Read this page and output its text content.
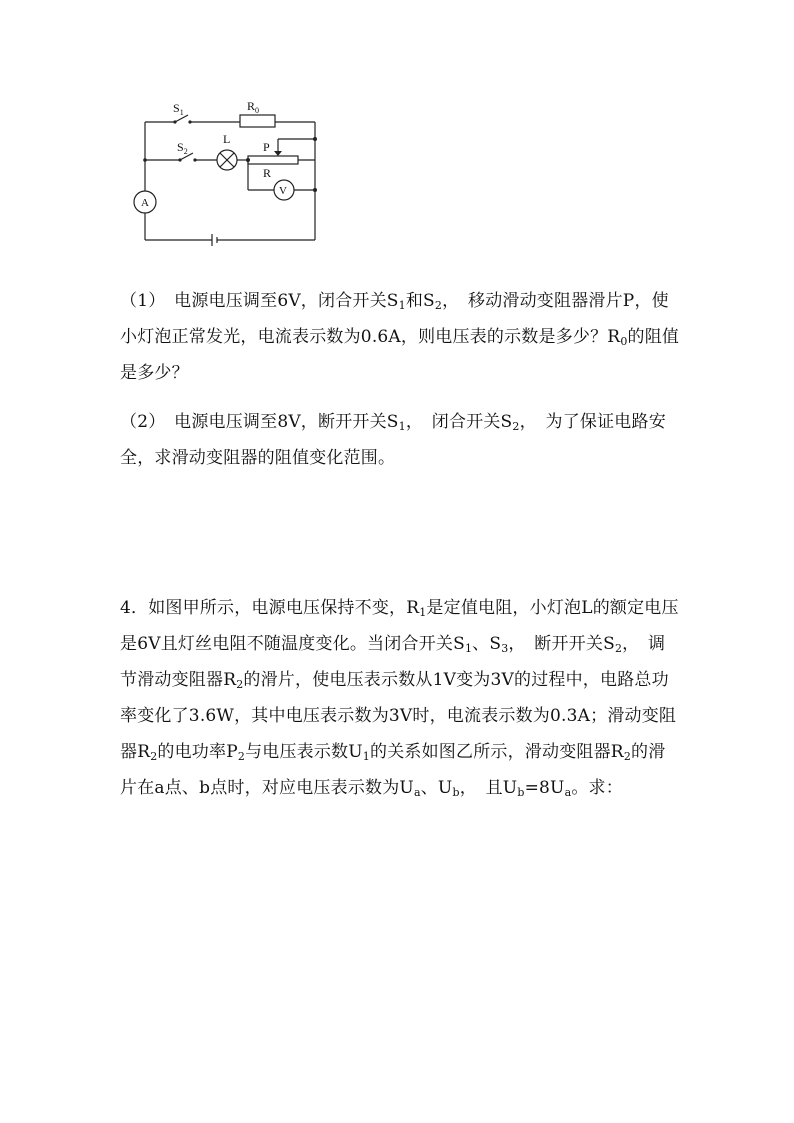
$S_1$	$R_0$
$S_2$
L
P
R
V
A

（1）　电源电压调至6V，闭合开关$S_1$和$S_2$，　移动滑动变阻器滑片P，使小灯泡正常发光，电流表示数为0.6A，则电压表的示数是多少？$R_0$的阻值是多少？

（2）　电源电压调至8V，断开开关$S_1$，　闭合开关$S_2$，　为了保证电路安全，求滑动变阻器的阻值变化范围。

4．如图甲所示，电源电压保持不变，$R_1$是定值电阻，小灯泡L的额定电压是6V且灯丝电阻不随温度变化。当闭合开关$S_1$、$S_3$，　断开开关$S_2$，　调节滑动变阻器$R_2$的滑片，使电压表示数从1V变为3V的过程中，电路总功率变化了3.6W，其中电压表示数为3V时，电流表示数为0.3A；滑动变阻器$R_2$的电功率$P_2$与电压表示数$U_1$的关系如图乙所示，滑动变阻器$R_2$的滑片在a点、b点时，对应电压表示数为$U_a$、$U_b$，　且$U_b=8U_a$。求：
